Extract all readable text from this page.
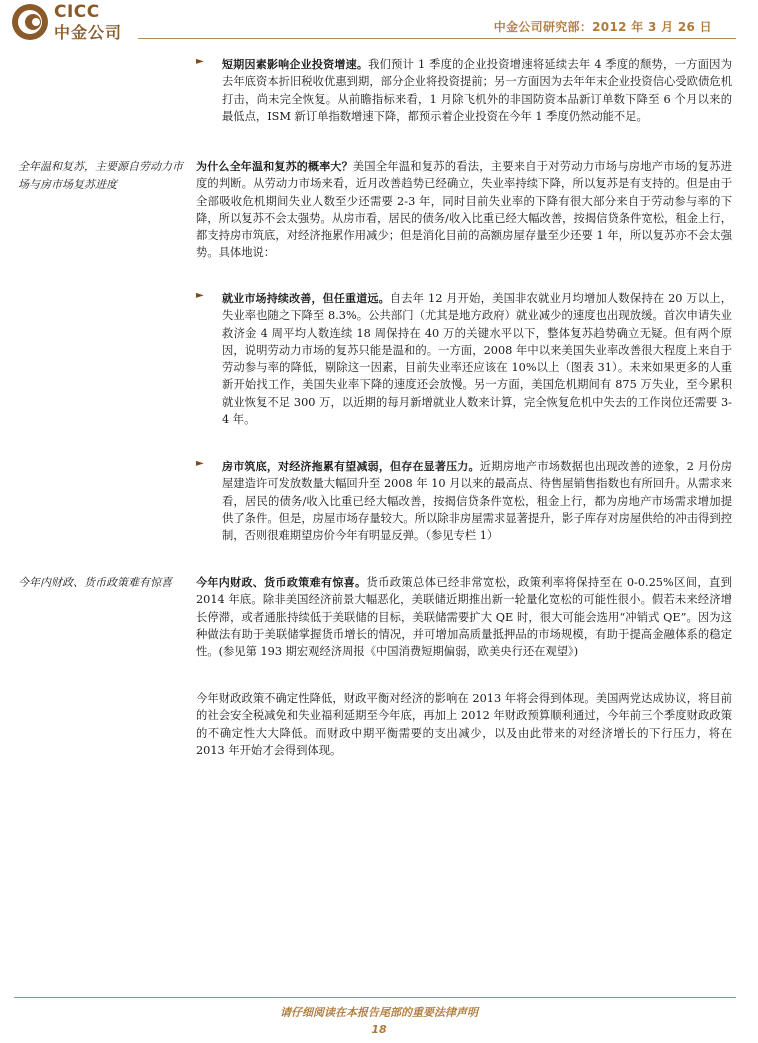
CICC
中金公司	中金公司研究部：2012 年 3 月 26 日
► 短期因素影响企业投资增速。我们预计 1 季度的企业投资增速将延续去年 4 季度的颓势，一方面因为去年底资本折旧税收优惠到期，部分企业将投资提前；另一方面因为去年年末企业投资信心受欧债危机打击，尚未完全恢复。从前瞻指标来看，1 月除飞机外的非国防资本品新订单数下降至 6 个月以来的最低点，ISM 新订单指数增速下降，都预示着企业投资在今年 1 季度仍然动能不足。
全年温和复苏，主要源自劳动力市场与房市场复苏进度
为什么全年温和复苏的概率大？美国全年温和复苏的看法，主要来自于对劳动力市场与房地产市场的复苏进度的判断。从劳动力市场来看，近月改善趋势已经确立，失业率持续下降，所以复苏是有支持的。但是由于全部吸收危机期间失业人数至少还需要 2-3 年，同时目前失业率的下降有很大部分来自于劳动参与率的下降，所以复苏不会太强势。从房市看，居民的债务/收入比重已经大幅改善，按揭信贷条件宽松，租金上行，都支持房市筑底，对经济拖累作用减少；但是消化目前的高额房屋存量至少还要 1 年，所以复苏亦不会太强势。具体地说：
► 就业市场持续改善，但任重道远。自去年 12 月开始，美国非农就业月均增加人数保持在 20 万以上，失业率也随之下降至 8.3%。公共部门（尤其是地方政府）就业减少的速度也出现放缓。首次申请失业救济金 4 周平均人数连续 18 周保持在 40 万的关键水平以下，整体复苏趋势确立无疑。但有两个原因，说明劳动力市场的复苏只能是温和的。一方面，2008 年中以来美国失业率改善很大程度上来自于劳动参与率的降低，剔除这一因素，目前失业率还应该在 10%以上（图表 31）。未来如果更多的人重新开始找工作，美国失业率下降的速度还会放慢。另一方面，美国危机期间有 875 万失业，至今累积就业恢复不足 300 万，以近期的每月新增就业人数来计算，完全恢复危机中失去的工作岗位还需要 3-4 年。
► 房市筑底，对经济拖累有望减弱，但存在显著压力。近期房地产市场数据也出现改善的迹象，2 月份房屋建造许可发放数量大幅回升至 2008 年 10 月以来的最高点、待售屋销售指数也有所回升。从需求来看，居民的债务/收入比重已经大幅改善，按揭信贷条件宽松，租金上行，都为房地产市场需求增加提供了条件。但是，房屋市场存量较大。所以除非房屋需求显著提升，影子库存对房屋供给的冲击得到控制，否则很难期望房价今年有明显反弹。（参见专栏 1）
今年内财政、货币政策难有惊喜	今年内财政、货币政策难有惊喜。货币政策总体已经非常宽松，政策利率将保持至在 0-0.25%区间，直到 2014 年底。除非美国经济前景大幅恶化，美联储近期推出新一轮量化宽松的可能性很小。假若未来经济增长停滞，或者通胀持续低于美联储的目标，美联储需要扩大 QE 时，很大可能会选用“冲销式 QE”。因为这种做法有助于美联储掌握货币增长的情况，并可增加高质量抵押品的市场规模，有助于提高金融体系的稳定性。(参见第 193 期宏观经济周报《中国消费短期偏弱，欧美央行还在观望》)
今年财政政策不确定性降低，财政平衡对经济的影响在 2013 年将会得到体现。美国两党达成协议，将目前的社会安全税减免和失业福利延期至今年底，再加上 2012 年财政预算顺利通过，今年前三个季度财政政策的不确定性大大降低。而财政中期平衡需要的支出减少，以及由此带来的对经济增长的下行压力，将在 2013 年开始才会得到体现。
请仔细阅读在本报告尾部的重要法律声明
18
